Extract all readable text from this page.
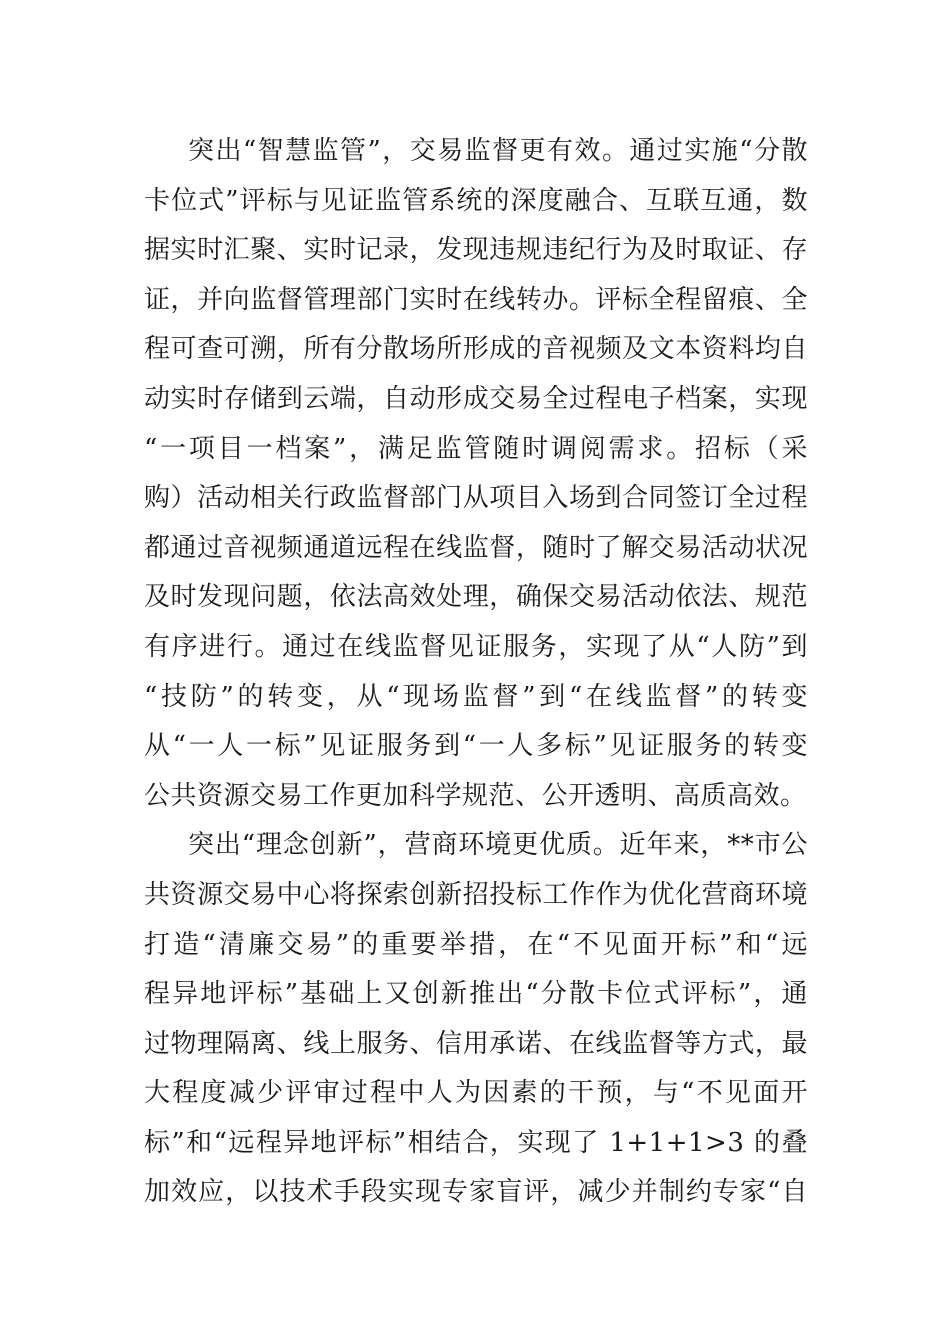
突出“智慧监管”，交易监督更有效。通过实施“分散
卡位式”评标与见证监管系统的深度融合、互联互通，数
据实时汇聚、实时记录，发现违规违纪行为及时取证、存
证，并向监督管理部门实时在线转办。评标全程留痕、全
程可查可溯，所有分散场所形成的音视频及文本资料均自
动实时存储到云端，自动形成交易全过程电子档案，实现
“一项目一档案”，满足监管随时调阅需求。招标（采
购）活动相关行政监督部门从项目入场到合同签订全过程
都通过音视频通道远程在线监督，随时了解交易活动状况
及时发现问题，依法高效处理，确保交易活动依法、规范
有序进行。通过在线监督见证服务，实现了从“人防”到
“技防”的转变，从“现场监督”到“在线监督”的转变
从“一人一标”见证服务到“一人多标”见证服务的转变
公共资源交易工作更加科学规范、公开透明、高质高效。
突出“理念创新”，营商环境更优质。近年来，**市公
共资源交易中心将探索创新招投标工作作为优化营商环境
打造“清廉交易”的重要举措，在“不见面开标”和“远
程异地评标”基础上又创新推出“分散卡位式评标”，通
过物理隔离、线上服务、信用承诺、在线监督等方式，最
大程度减少评审过程中人为因素的干预，与“不见面开
标”和“远程异地评标”相结合，实现了 1+1+1>3 的叠
加效应，以技术手段实现专家盲评，减少并制约专家“自
